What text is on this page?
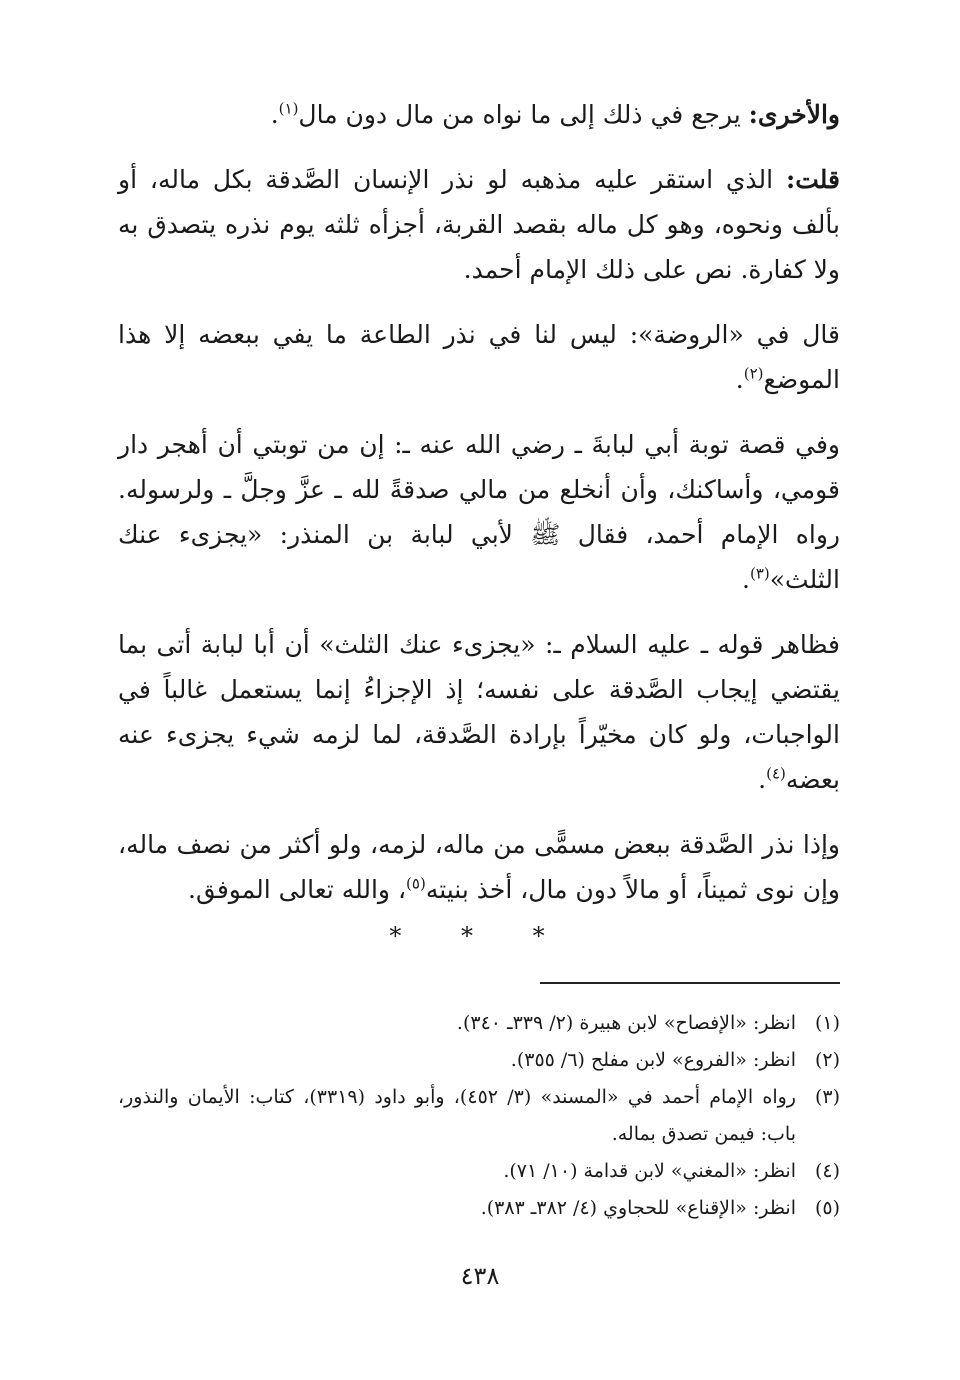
والأخرى: يرجع في ذلك إلى ما نواه من مال دون مال$^{(١)}$.

قلت: الذي استقر عليه مذهبه لو نذر الإنسان الصَّدقة بكل ماله، أو بألف ونحوه، وهو كل ماله بقصد القربة، أجزأه ثلثه يوم نذره يتصدق به ولا كفارة. نص على ذلك الإمام أحمد.

قال في «الروضة»: ليس لنا في نذر الطاعة ما يفي ببعضه إلا هذا الموضع$^{(٢)}$.

وفي قصة توبة أبي لبابةَ ـ رضي الله عنه ـ: إن من توبتي أن أهجر دار قومي، وأساكنك، وأن أنخلع من مالي صدقةً لله ـ عزَّ وجلَّ ـ ولرسوله. رواه الإمام أحمد، فقال ﷺ لأبي لبابة بن المنذر: «يجزىء عنك الثلث»$^{(٣)}$.

فظاهر قوله ـ عليه السلام ـ: «يجزىء عنك الثلث» أن أبا لبابة أتى بما يقتضي إيجاب الصَّدقة على نفسه؛ إذ الإجزاءُ إنما يستعمل غالباً في الواجبات، ولو كان مخيّراً بإرادة الصَّدقة، لما لزمه شيء يجزىء عنه بعضه$^{(٤)}$.

وإذا نذر الصَّدقة ببعض مسمًّى من ماله، لزمه، ولو أكثر من نصف ماله، وإن نوى ثميناً، أو مالاً دون مال، أخذ بنيته$^{(٥)}$، والله تعالى الموفق.

* * *
(١)
انظر: «الإفصاح» لابن هبيرة (٢/ ٣٣٩ـ ٣٤٠).
(٢)
انظر: «الفروع» لابن مفلح (٦/ ٣٥٥).
(٣)
رواه الإمام أحمد في «المسند» (٣/ ٤٥٢)، وأبو داود (٣٣١٩)، كتاب: الأيمان والنذور، باب: فيمن تصدق بماله.
(٤)
انظر: «المغني» لابن قدامة (١٠/ ٧١).
(٥)
انظر: «الإقناع» للحجاوي (٤/ ٣٨٢ـ ٣٨٣).
٤٣٨
